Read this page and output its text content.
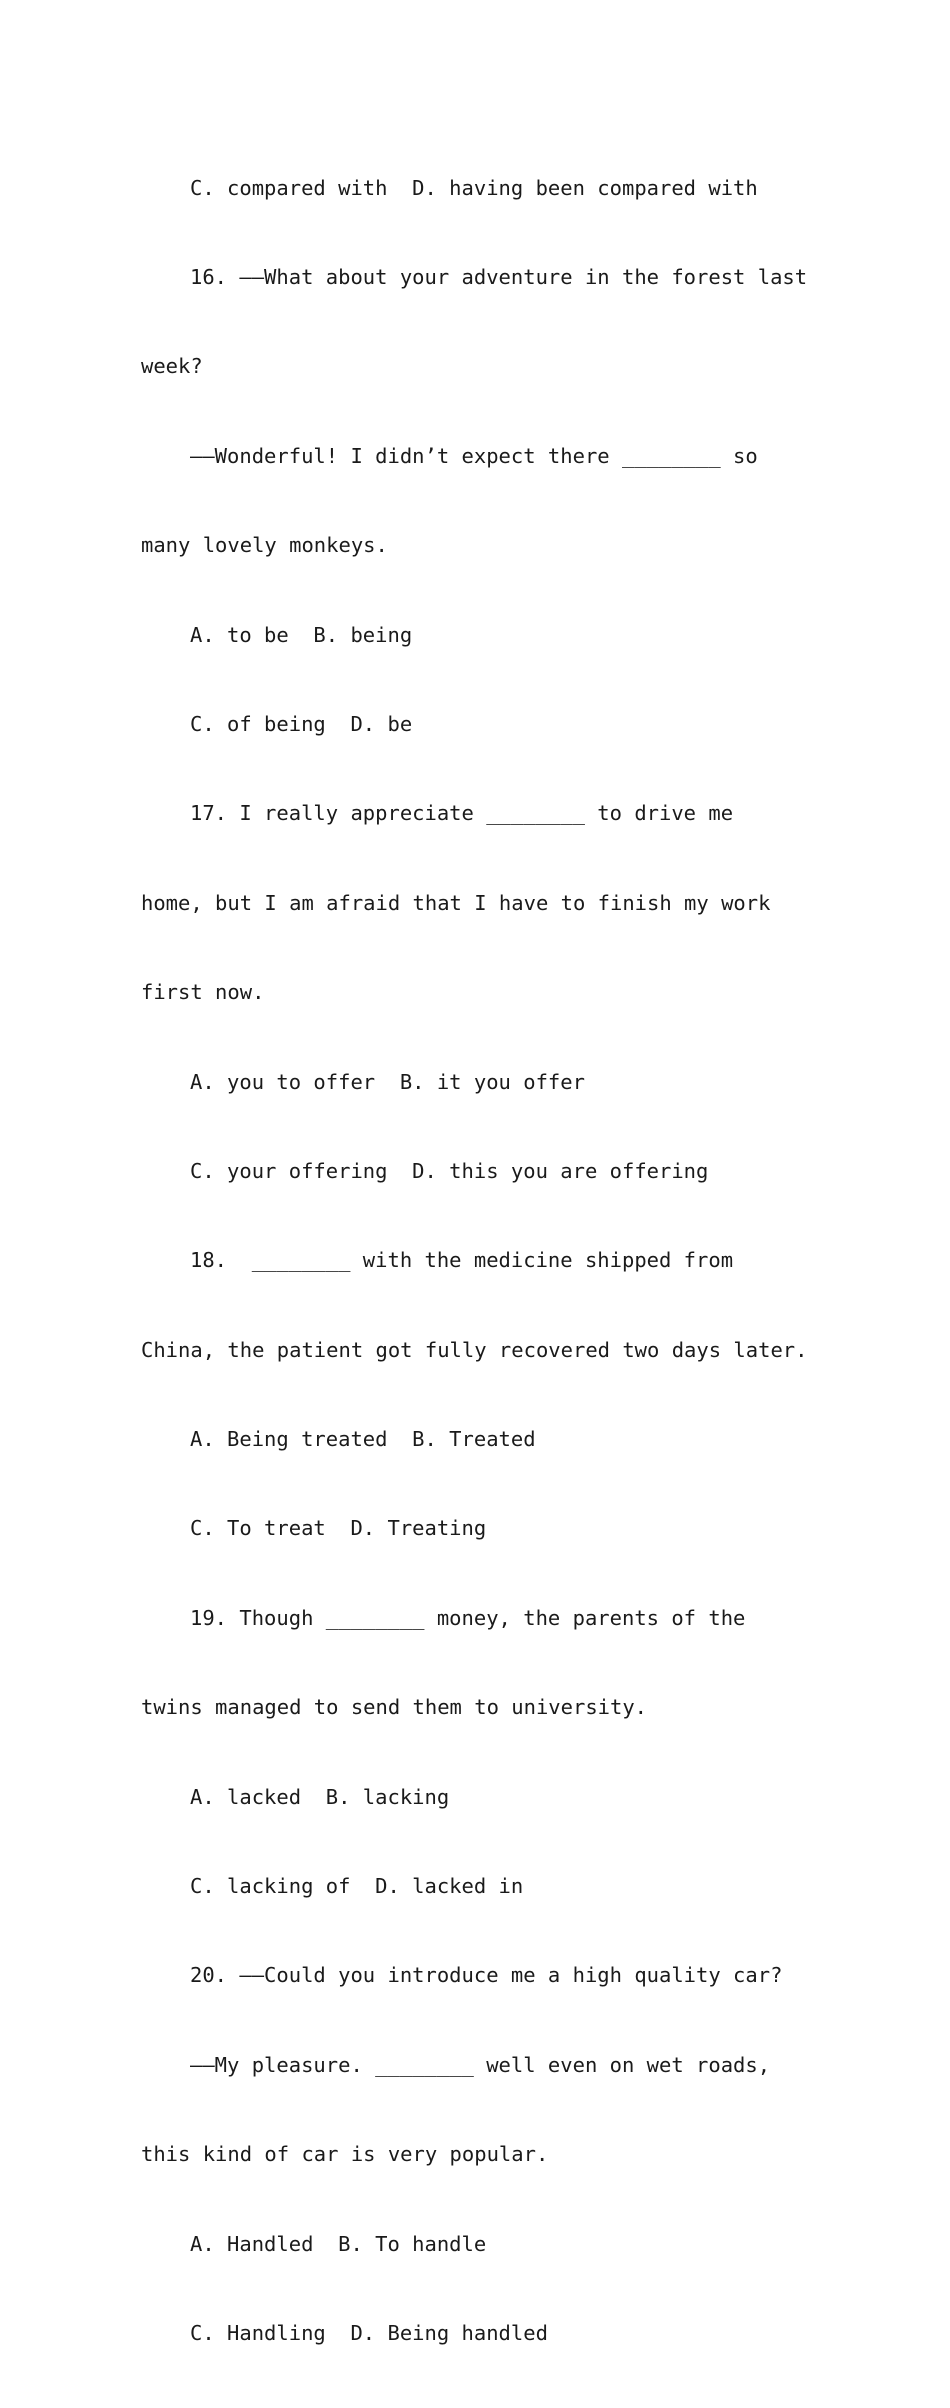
C. compared with  D. having been compared with

16. ——What about your adventure in the forest last

week?

——Wonderful! I didn’t expect there ________ so

many lovely monkeys.

A. to be  B. being

C. of being  D. be

17. I really appreciate ________ to drive me

home, but I am afraid that I have to finish my work

first now.

A. you to offer  B. it you offer

C. your offering  D. this you are offering

18.  ________ with the medicine shipped from

China, the patient got fully recovered two days later.

A. Being treated  B. Treated

C. To treat  D. Treating

19. Though ________ money, the parents of the

twins managed to send them to university.

A. lacked  B. lacking

C. lacking of  D. lacked in

20. ——Could you introduce me a high quality car?

——My pleasure. ________ well even on wet roads,

this kind of car is very popular.

A. Handled  B. To handle

C. Handling  D. Being handled
